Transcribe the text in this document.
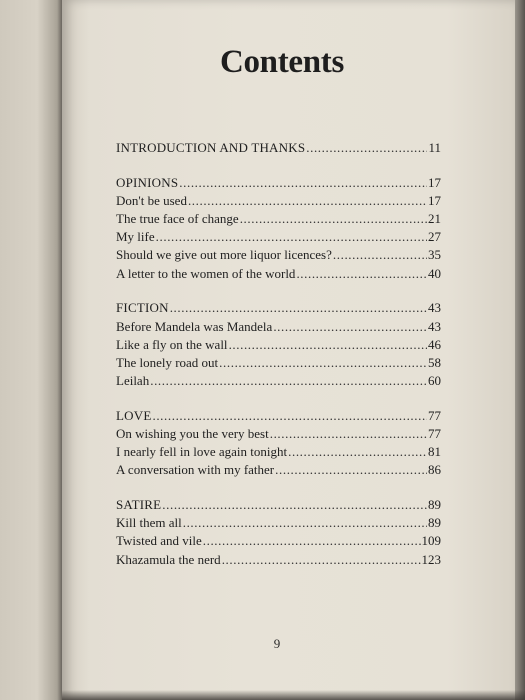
Contents
INTRODUCTION AND THANKS .....	11
OPINIONS .....	17
Don't be used .....	17
The true face of change .....	21
My life .....	27
Should we give out more liquor licences? .....	35
A letter to the women of the world .....	40
FICTION .....	43
Before Mandela was Mandela .....	43
Like a fly on the wall .....	46
The lonely road out .....	58
Leilah .....	60
LOVE .....	77
On wishing you the very best .....	77
I nearly fell in love again tonight .....	81
A conversation with my father .....	86
SATIRE .....	89
Kill them all .....	89
Twisted and vile .....	109
Khazamula the nerd .....	123
9
